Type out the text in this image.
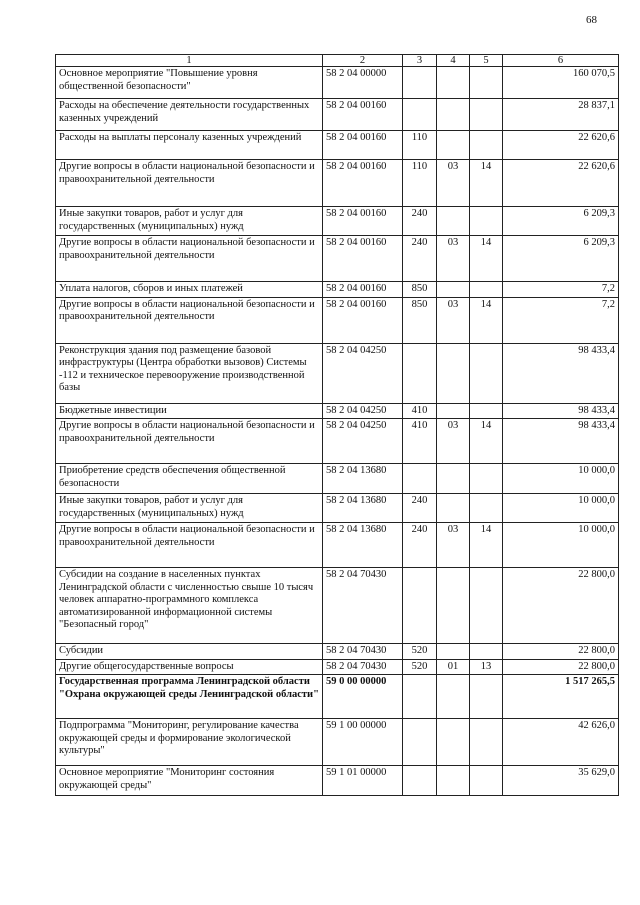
68
1	2	3	4	5	6
Основное мероприятие "Повышение уровня общественной безопасности"	58 2 04 00000				160 070,5
Расходы на обеспечение деятельности государственных казенных учреждений	58 2 04 00160				28 837,1
Расходы на выплаты персоналу казенных учреждений	58 2 04 00160	110			22 620,6
Другие вопросы в области национальной безопасности и правоохранительной деятельности	58 2 04 00160	110	03	14	22 620,6
Иные закупки товаров, работ и услуг для государственных (муниципальных) нужд	58 2 04 00160	240			6 209,3
Другие вопросы в области национальной безопасности и правоохранительной деятельности	58 2 04 00160	240	03	14	6 209,3
Уплата налогов, сборов и иных платежей	58 2 04 00160	850			7,2
Другие вопросы в области национальной безопасности и правоохранительной деятельности	58 2 04 00160	850	03	14	7,2
Реконструкция здания под размещение базовой инфраструктуры (Центра обработки вызовов) Системы -112 и техническое перевооружение производственной базы	58 2 04 04250				98 433,4
Бюджетные инвестиции	58 2 04 04250	410			98 433,4
Другие вопросы в области национальной безопасности и правоохранительной деятельности	58 2 04 04250	410	03	14	98 433,4
Приобретение средств обеспечения общественной безопасности	58 2 04 13680				10 000,0
Иные закупки товаров, работ и услуг для государственных (муниципальных) нужд	58 2 04 13680	240			10 000,0
Другие вопросы в области национальной безопасности и правоохранительной деятельности	58 2 04 13680	240	03	14	10 000,0
Субсидии на создание в населенных пунктах Ленинградской области с численностью свыше 10 тысяч человек аппаратно-программного комплекса автоматизированной информационной системы "Безопасный город"	58 2 04 70430				22 800,0
Субсидии	58 2 04 70430	520			22 800,0
Другие общегосударственные вопросы	58 2 04 70430	520	01	13	22 800,0
Государственная программа Ленинградской области "Охрана окружающей среды Ленинградской области"	59 0 00 00000				1 517 265,5
Подпрограмма "Мониторинг, регулирование качества окружающей среды и формирование экологической культуры"	59 1 00 00000				42 626,0
Основное мероприятие "Мониторинг состояния окружающей среды"	59 1 01 00000				35 629,0
